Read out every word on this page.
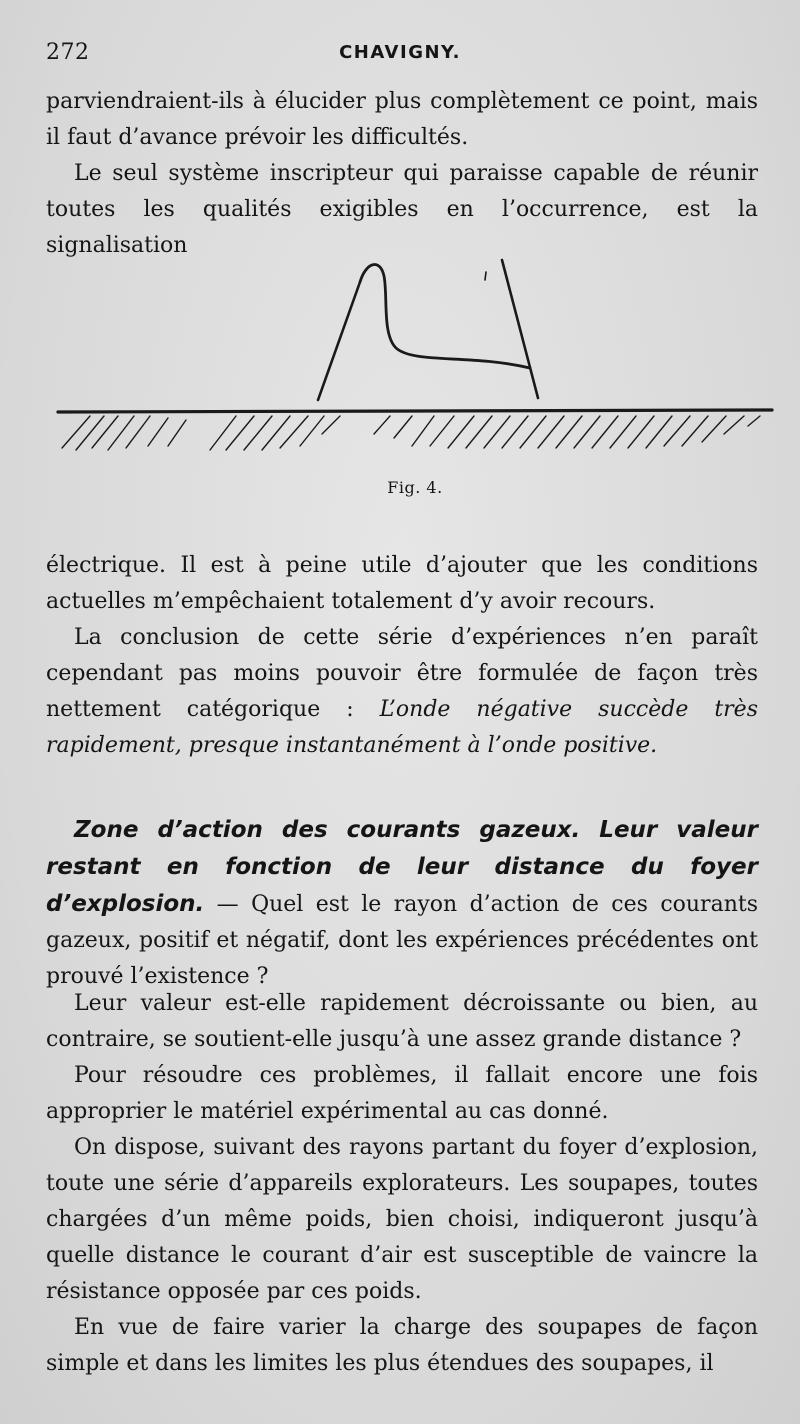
272	CHAVIGNY.

parviendraient-ils à élucider plus complètement ce point, mais il faut d’avance prévoir les difficultés.

Le seul système inscripteur qui paraisse capable de réunir toutes les qualités exigibles en l’occurrence, est la signalisation

Fig. 4.

électrique. Il est à peine utile d’ajouter que les conditions actuelles m’empêchaient totalement d’y avoir recours.

La conclusion de cette série d’expériences n’en paraît cependant pas moins pouvoir être formulée de façon très nettement catégorique : L’onde négative succède très rapidement, presque instantanément à l’onde positive.

Zone d’action des courants gazeux. Leur valeur restant en fonction de leur distance du foyer d’explosion. — Quel est le rayon d’action de ces courants gazeux, positif et négatif, dont les expériences précédentes ont prouvé l’existence ?

Leur valeur est-elle rapidement décroissante ou bien, au contraire, se soutient-elle jusqu’à une assez grande distance ?

Pour résoudre ces problèmes, il fallait encore une fois approprier le matériel expérimental au cas donné.

On dispose, suivant des rayons partant du foyer d’explosion, toute une série d’appareils explorateurs. Les soupapes, toutes chargées d’un même poids, bien choisi, indiqueront jusqu’à quelle distance le courant d’air est susceptible de vaincre la résistance opposée par ces poids.

En vue de faire varier la charge des soupapes de façon simple et dans les limites les plus étendues des soupapes, il
